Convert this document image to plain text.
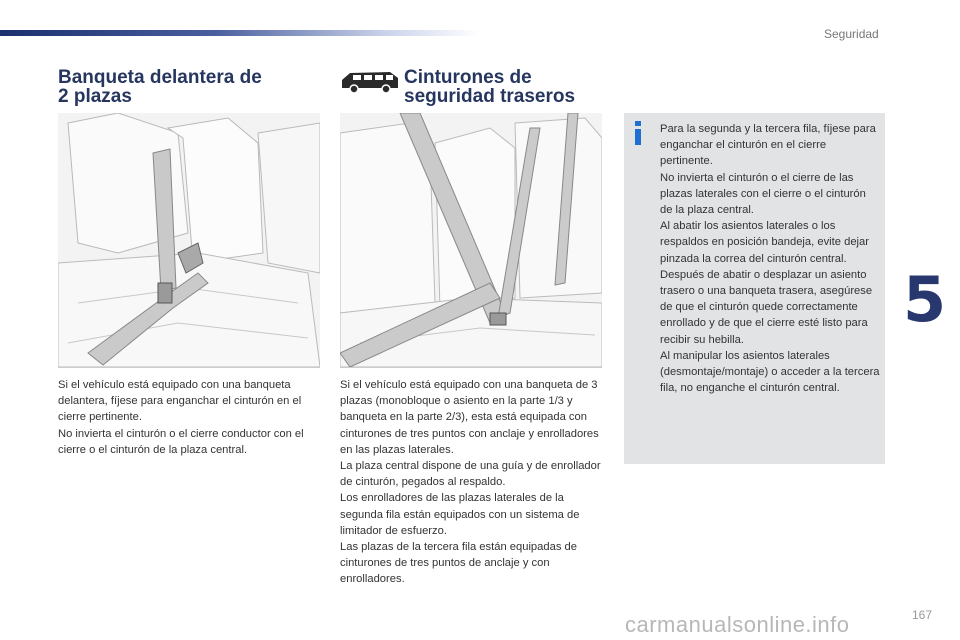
Seguridad
5
Banqueta delantera de
2 plazas

Si el vehículo está equipado con una banqueta delantera, fíjese para enganchar el cinturón en el cierre pertinente.

No invierta el cinturón o el cierre conductor con el cierre o el cinturón de la plaza central.

Cinturones de
seguridad traseros

Si el vehículo está equipado con una banqueta de 3 plazas (monobloque o asiento en la parte 1/3 y banqueta en la parte 2/3), esta está equipada con cinturones de tres puntos con anclaje y enrolladores en las plazas laterales.

La plaza central dispone de una guía y de enrollador de cinturón, pegados al respaldo.

Los enrolladores de las plazas laterales de la segunda fila están equipados con un sistema de limitador de esfuerzo.

Las plazas de la tercera fila están equipadas de cinturones de tres puntos de anclaje y con enrolladores.

Para la segunda y la tercera fila, fíjese para enganchar el cinturón en el cierre pertinente.

No invierta el cinturón o el cierre de las plazas laterales con el cierre o el cinturón de la plaza central.

Al abatir los asientos laterales o los respaldos en posición bandeja, evite dejar pinzada la correa del cinturón central.

Después de abatir o desplazar un asiento trasero o una banqueta trasera, asegúrese de que el cinturón quede correctamente enrollado y de que el cierre esté listo para recibir su hebilla.

Al manipular los asientos laterales (desmontaje/montaje) o acceder a la tercera fila, no enganche el cinturón central.

carmanualsonline.info	167
